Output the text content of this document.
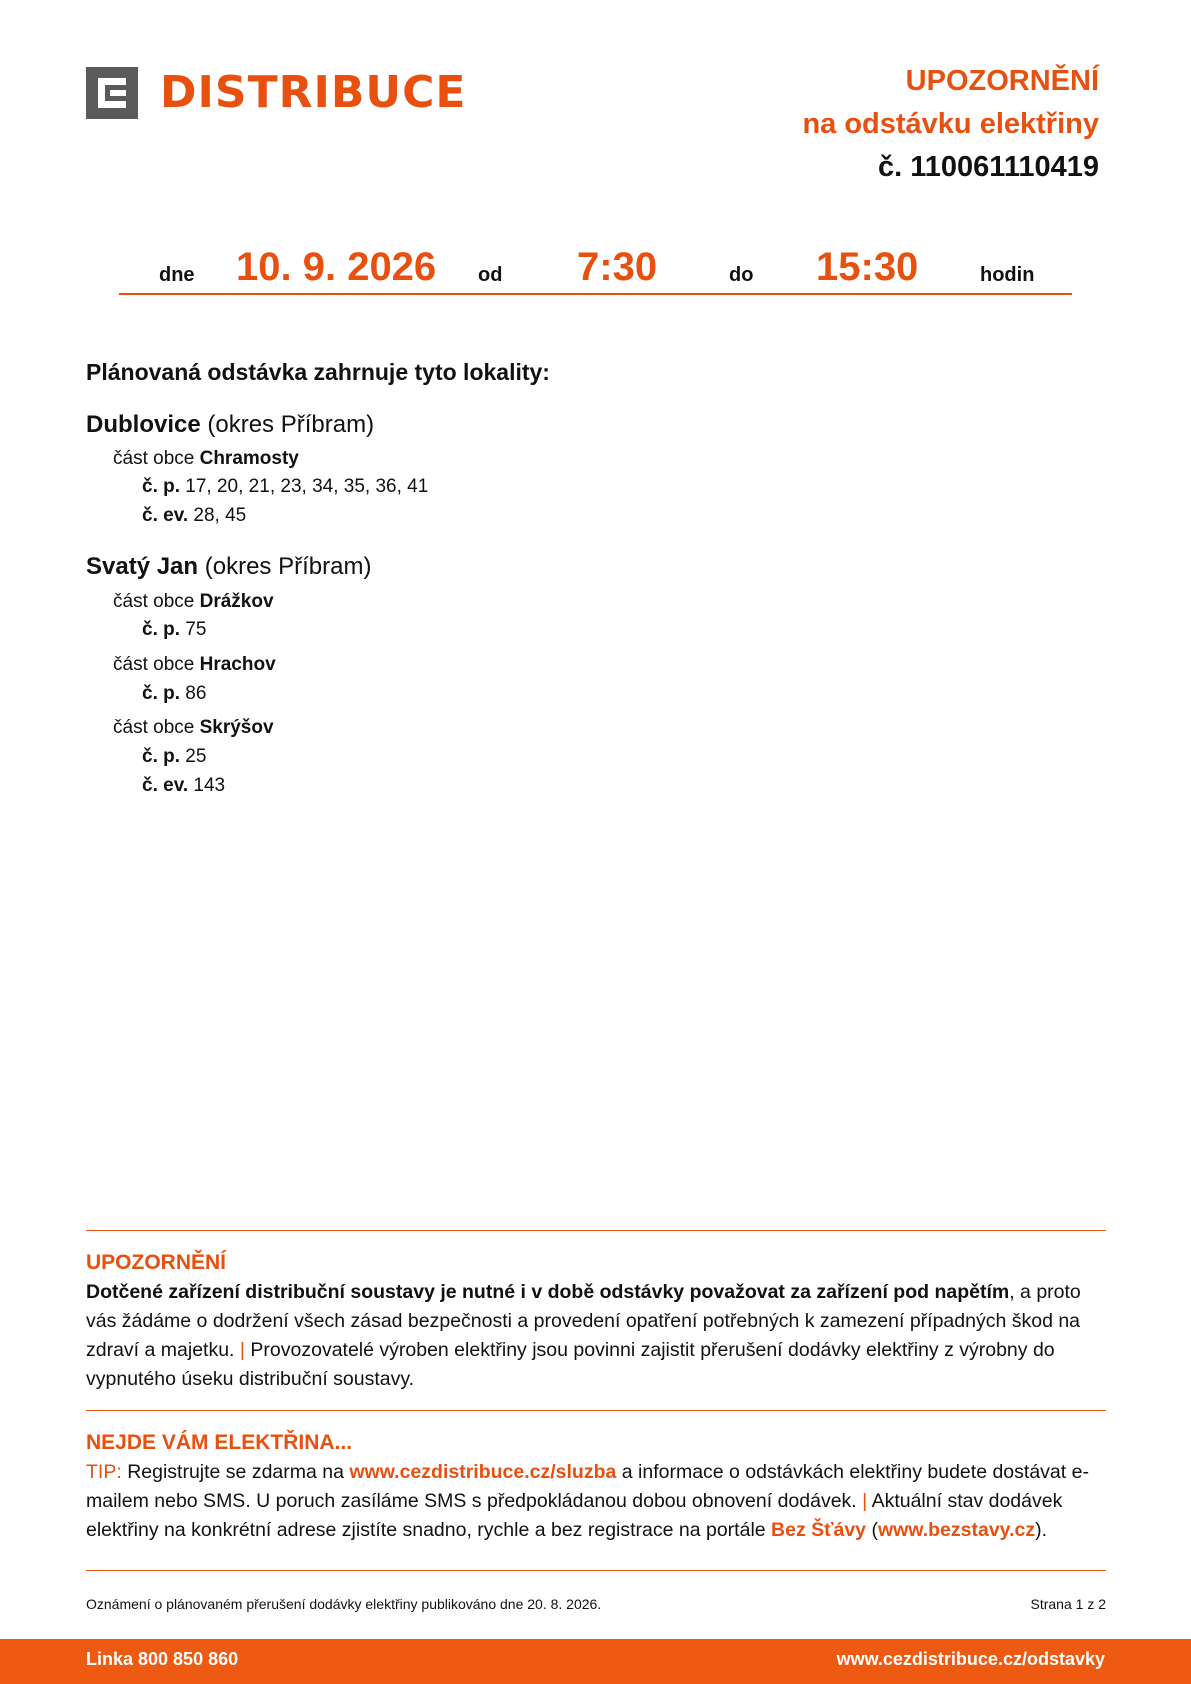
DISTRIBUCE	UPOZORNĚNÍ
na odstávku elektřiny
č. 110061110419
dne 10. 9. 2026 od 7:30	do 15:30	hodin
Plánovaná odstávka zahrnuje tyto lokality:
Dublovice (okres Příbram)
část obce Chramosty
č. p. 17, 20, 21, 23, 34, 35, 36, 41
č. ev. 28, 45
Svatý Jan (okres Příbram)
část obce Drážkov
č. p. 75
část obce Hrachov
č. p. 86
část obce Skrýšov
č. p. 25
č. ev. 143
UPOZORNĚNÍ
Dotčené zařízení distribuční soustavy je nutné i v době odstávky považovat za zařízení pod napětím, a proto vás žádáme o dodržení všech zásad bezpečnosti a provedení opatření potřebných k zamezení případných škod na zdraví a majetku. | Provozovatelé výroben elektřiny jsou povinni zajistit přerušení dodávky elektřiny z výrobny do vypnutého úseku distribuční soustavy.
NEJDE VÁM ELEKTŘINA...
TIP: Registrujte se zdarma na www.cezdistribuce.cz/sluzba a informace o odstávkách elektřiny budete dostávat e-mailem nebo SMS. U poruch zasíláme SMS s předpokládanou dobou obnovení dodávek. | Aktuální stav dodávek elektřiny na konkrétní adrese zjistíte snadno, rychle a bez registrace na portále Bez Šťávy (www.bezstavy.cz).
Oznámení o plánovaném přerušení dodávky elektřiny publikováno dne 20. 8. 2026.	Strana 1 z 2
Linka 800 850 860	www.cezdistribuce.cz/odstavky
